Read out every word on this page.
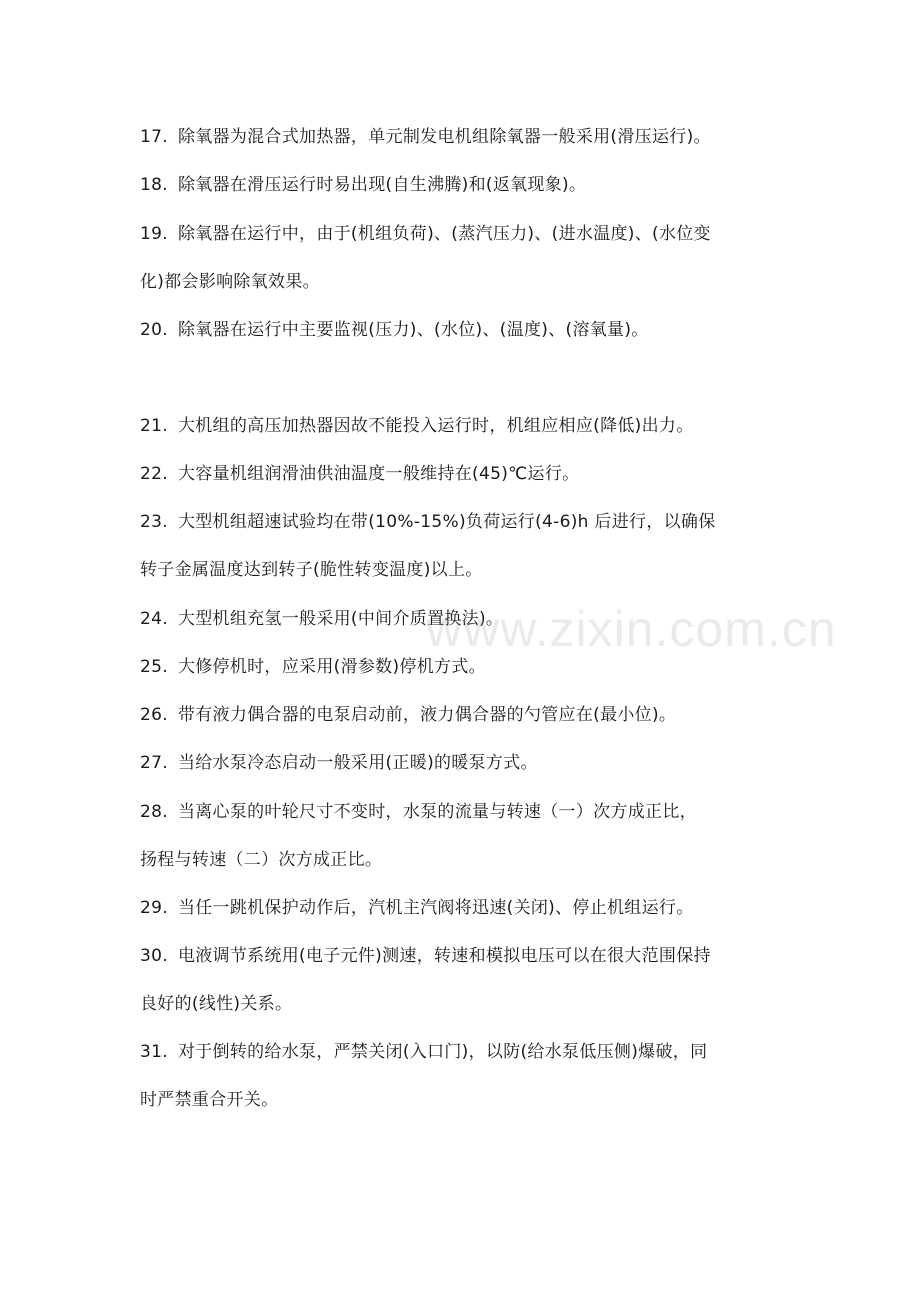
17. 除氧器为混合式加热器，单元制发电机组除氧器一般采用(滑压运行)。

18. 除氧器在滑压运行时易出现(自生沸腾)和(返氧现象)。

19. 除氧器在运行中，由于(机组负荷)、(蒸汽压力)、(进水温度)、(水位变
化)都会影响除氧效果。

20. 除氧器在运行中主要监视(压力)、(水位)、(温度)、(溶氧量)。

21. 大机组的高压加热器因故不能投入运行时，机组应相应(降低)出力。

22. 大容量机组润滑油供油温度一般维持在(45)℃运行。

23. 大型机组超速试验均在带(10%-15%)负荷运行(4-6)h 后进行，以确保
转子金属温度达到转子(脆性转变温度)以上。

24. 大型机组充氢一般采用(中间介质置换法)。

25. 大修停机时，应采用(滑参数)停机方式。

26. 带有液力偶合器的电泵启动前，液力偶合器的勺管应在(最小位)。

27. 当给水泵冷态启动一般采用(正暖)的暖泵方式。

28. 当离心泵的叶轮尺寸不变时，水泵的流量与转速（一）次方成正比，
扬程与转速（二）次方成正比。

29. 当任一跳机保护动作后，汽机主汽阀将迅速(关闭)、停止机组运行。

30. 电液调节系统用(电子元件)测速，转速和模拟电压可以在很大范围保持
良好的(线性)关系。

31. 对于倒转的给水泵，严禁关闭(入口门)，以防(给水泵低压侧)爆破，同
时严禁重合开关。

www.zixin.com.cn
